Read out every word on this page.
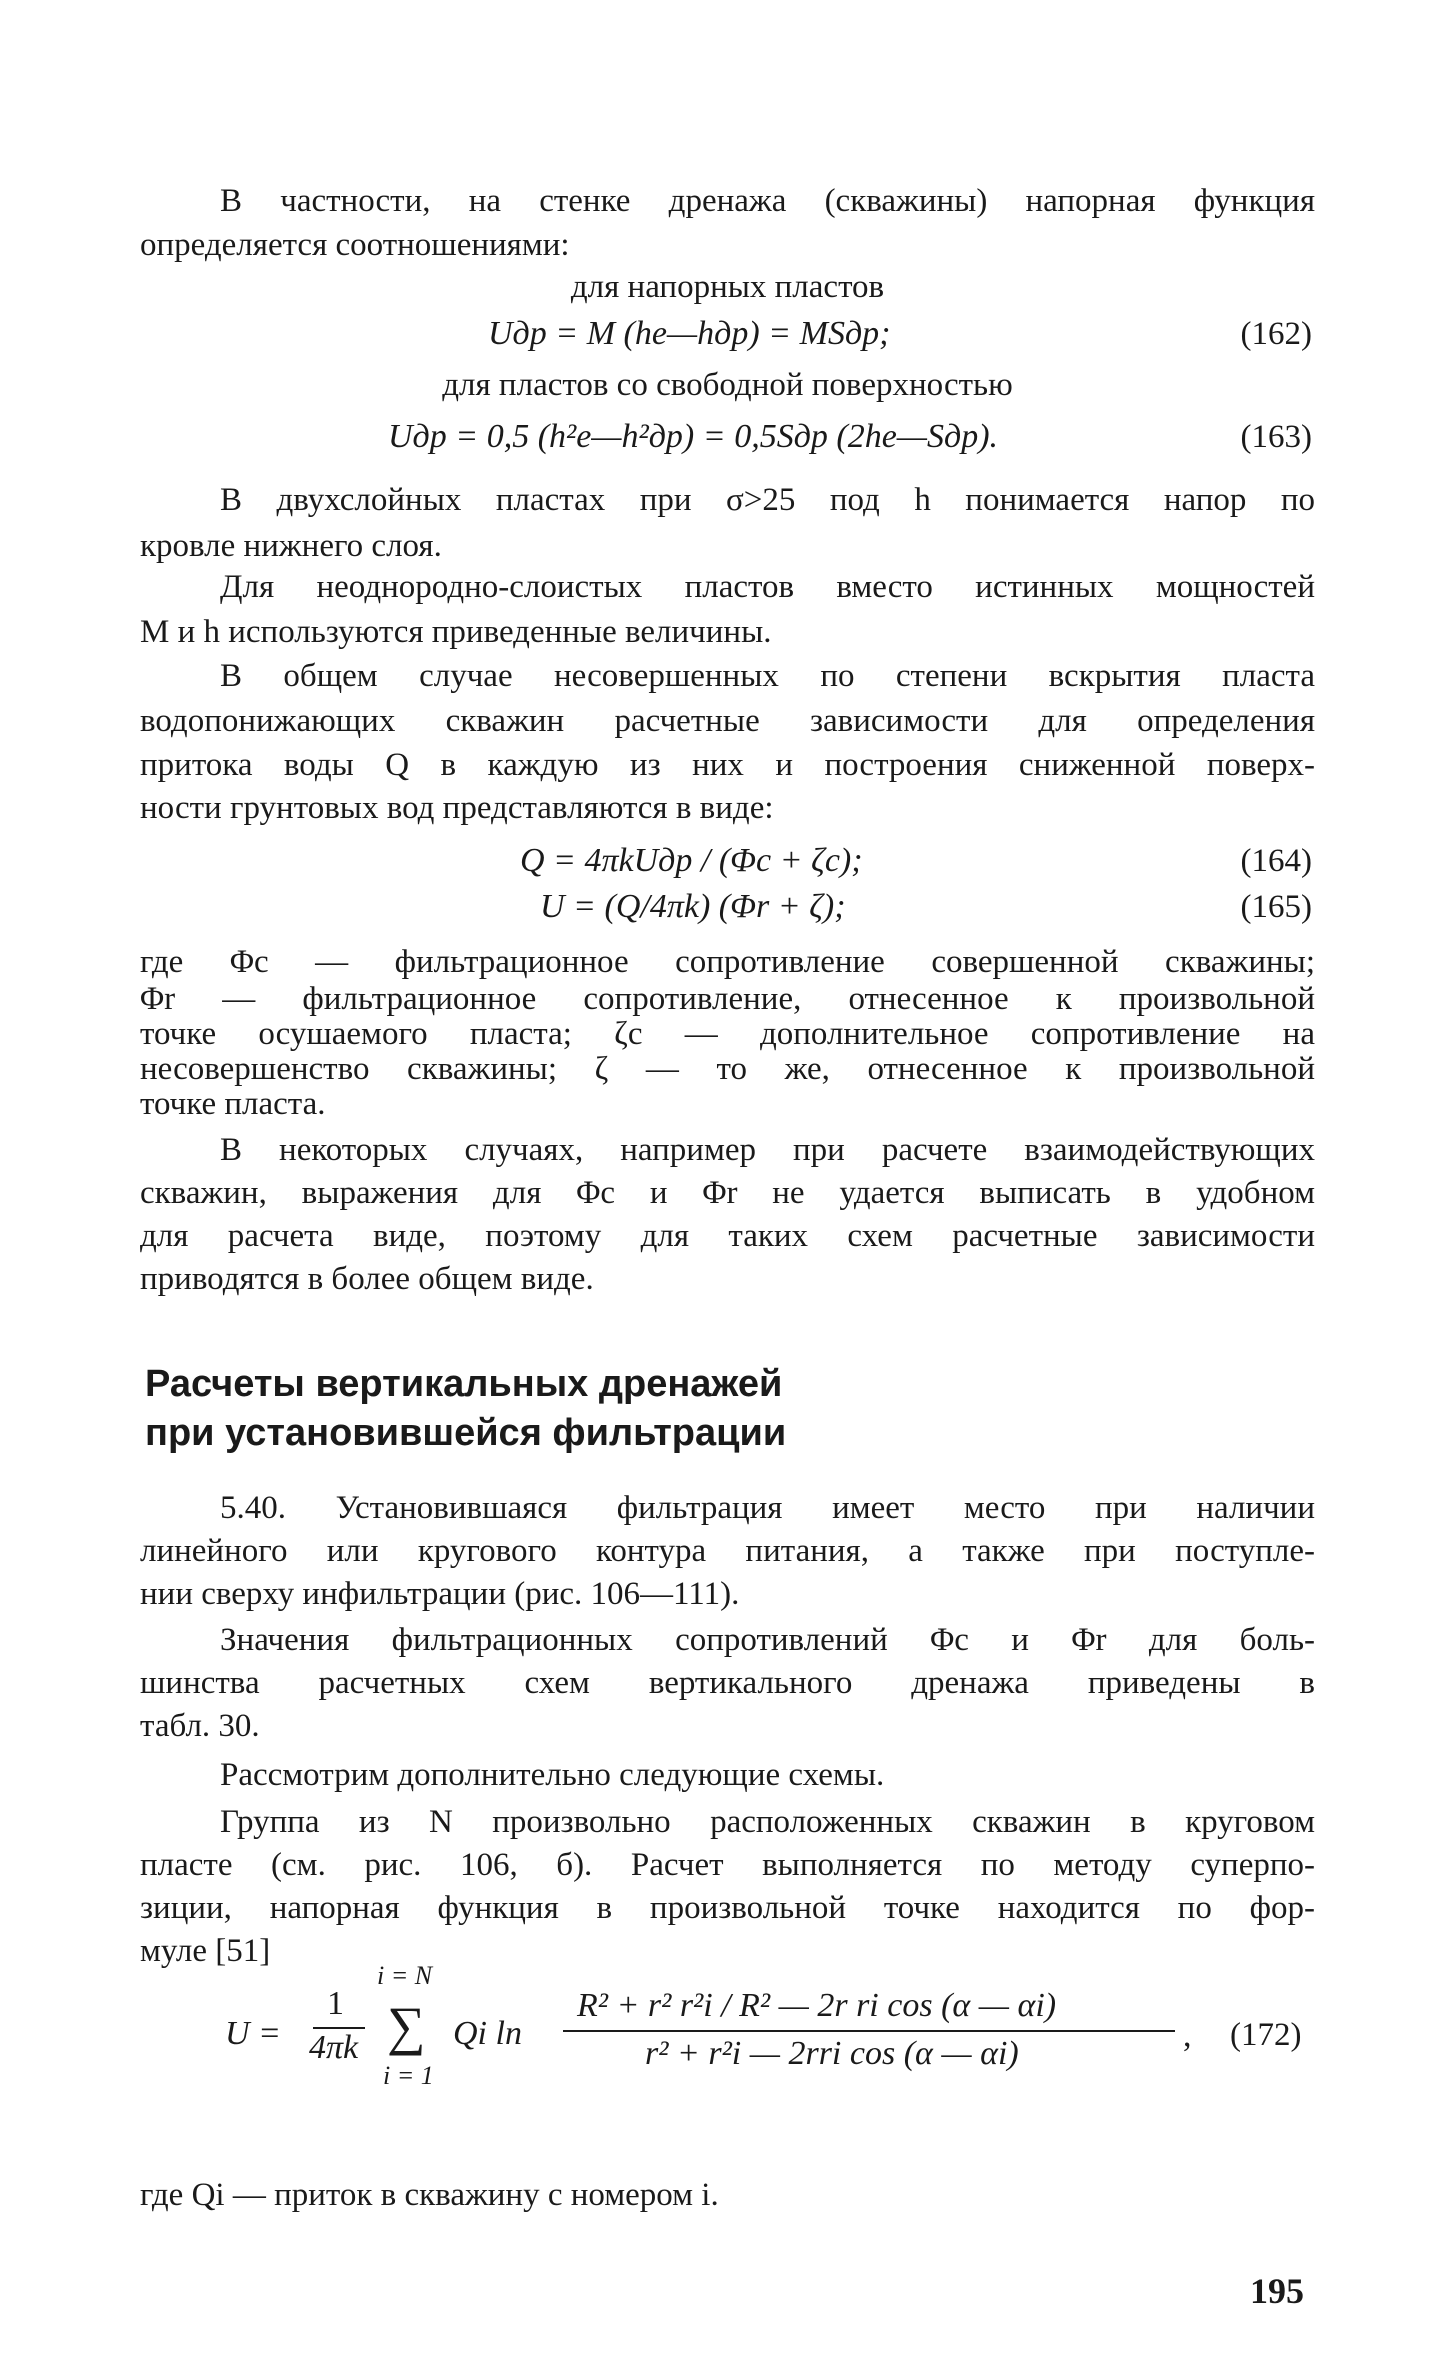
В частности, на стенке дренажа (скважины) напорная функция
определяется соотношениями:
для напорных пластов
Uдр = M (he—hдр) = MSдр;	(162)
для пластов со свободной поверхностью
Uдр = 0,5 (h²e—h²др) = 0,5Sдр (2he—Sдр).	(163)
В двухслойных пластах при σ>25 под h понимается напор по
кровле нижнего слоя.
Для неоднородно-слоистых пластов вместо истинных мощностей
M и h используются приведенные величины.
В общем случае несовершенных по степени вскрытия пласта
водопонижающих скважин расчетные зависимости для определения
притока воды Q в каждую из них и построения сниженной поверх-
ности грунтовых вод представляются в виде:
Q = 4πkUдр / (Φc + ζc);	(164)
U = (Q/4πk) (Φr + ζ);	(165)
где Φc — фильтрационное сопротивление совершенной скважины;
Φr — фильтрационное сопротивление, отнесенное к произвольной
точке осушаемого пласта; ζc — дополнительное сопротивление на
несовершенство скважины; ζ — то же, отнесенное к произвольной
точке пласта.
В некоторых случаях, например при расчете взаимодействующих
скважин, выражения для Φc и Φr не удается выписать в удобном
для расчета виде, поэтому для таких схем расчетные зависимости
приводятся в более общем виде.
Расчеты вертикальных дренажей
при установившейся фильтрации
5.40. Установившаяся фильтрация имеет место при наличии
линейного или кругового контура питания, а также при поступле-
нии сверху инфильтрации (рис. 106—111).
Значения фильтрационных сопротивлений Φc и Φr для боль-
шинства расчетных схем вертикального дренажа приведены в
табл. 30.
Рассмотрим дополнительно следующие схемы.
Группа из N произвольно расположенных скважин в круговом
пласте (см. рис. 106, б). Расчет выполняется по методу суперпо-
зиции, напорная функция в произвольной точке находится по фор-
муле [51]
U =
1
4πk
i = N
∑
i = 1
Qi ln
R² + r² r²i / R² — 2r ri cos (α — αi)
r² + r²i — 2rri cos (α — αi)	, (172)
где Qi — приток в скважину с номером i.
195
